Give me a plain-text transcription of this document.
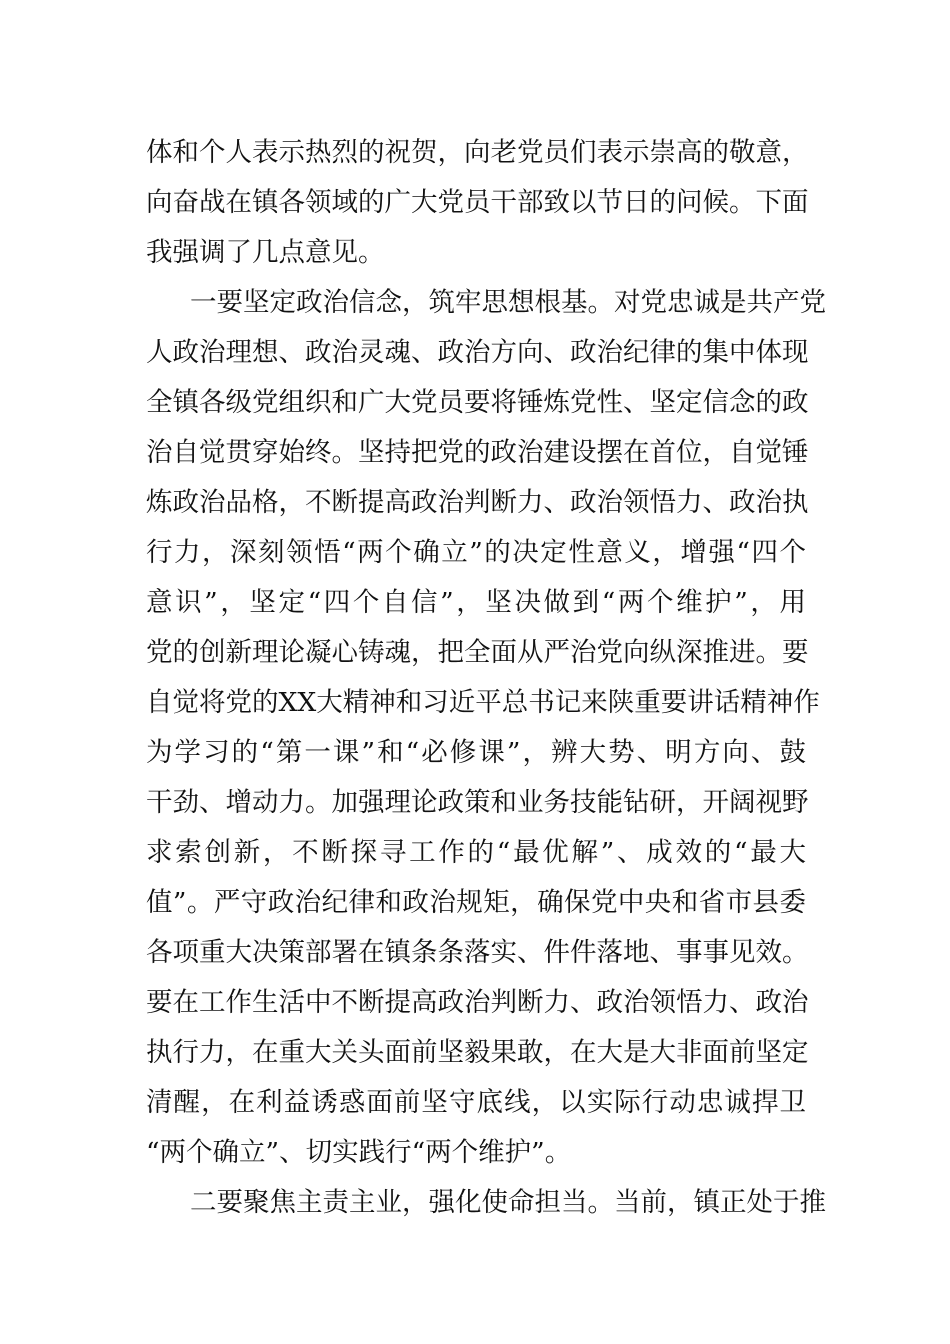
体和个人表示热烈的祝贺，向老党员们表示崇高的敬意，
向奋战在镇各领域的广大党员干部致以节日的问候。下面
我强调了几点意见。
一要坚定政治信念，筑牢思想根基。对党忠诚是共产党
人政治理想、政治灵魂、政治方向、政治纪律的集中体现
全镇各级党组织和广大党员要将锤炼党性、坚定信念的政
治自觉贯穿始终。坚持把党的政治建设摆在首位，自觉锤
炼政治品格，不断提高政治判断力、政治领悟力、政治执
行力，深刻领悟“两个确立”的决定性意义，增强“四个
意识”，坚定“四个自信”，坚决做到“两个维护”，用
党的创新理论凝心铸魂，把全面从严治党向纵深推进。要
自觉将党的XX大精神和习近平总书记来陕重要讲话精神作
为学习的“第一课”和“必修课”，辨大势、明方向、鼓
干劲、增动力。加强理论政策和业务技能钻研，开阔视野
求索创新，不断探寻工作的“最优解”、成效的“最大
值”。严守政治纪律和政治规矩，确保党中央和省市县委
各项重大决策部署在镇条条落实、件件落地、事事见效。
要在工作生活中不断提高政治判断力、政治领悟力、政治
执行力，在重大关头面前坚毅果敢，在大是大非面前坚定
清醒，在利益诱惑面前坚守底线，以实际行动忠诚捍卫
“两个确立”、切实践行“两个维护”。
二要聚焦主责主业，强化使命担当。当前，镇正处于推
